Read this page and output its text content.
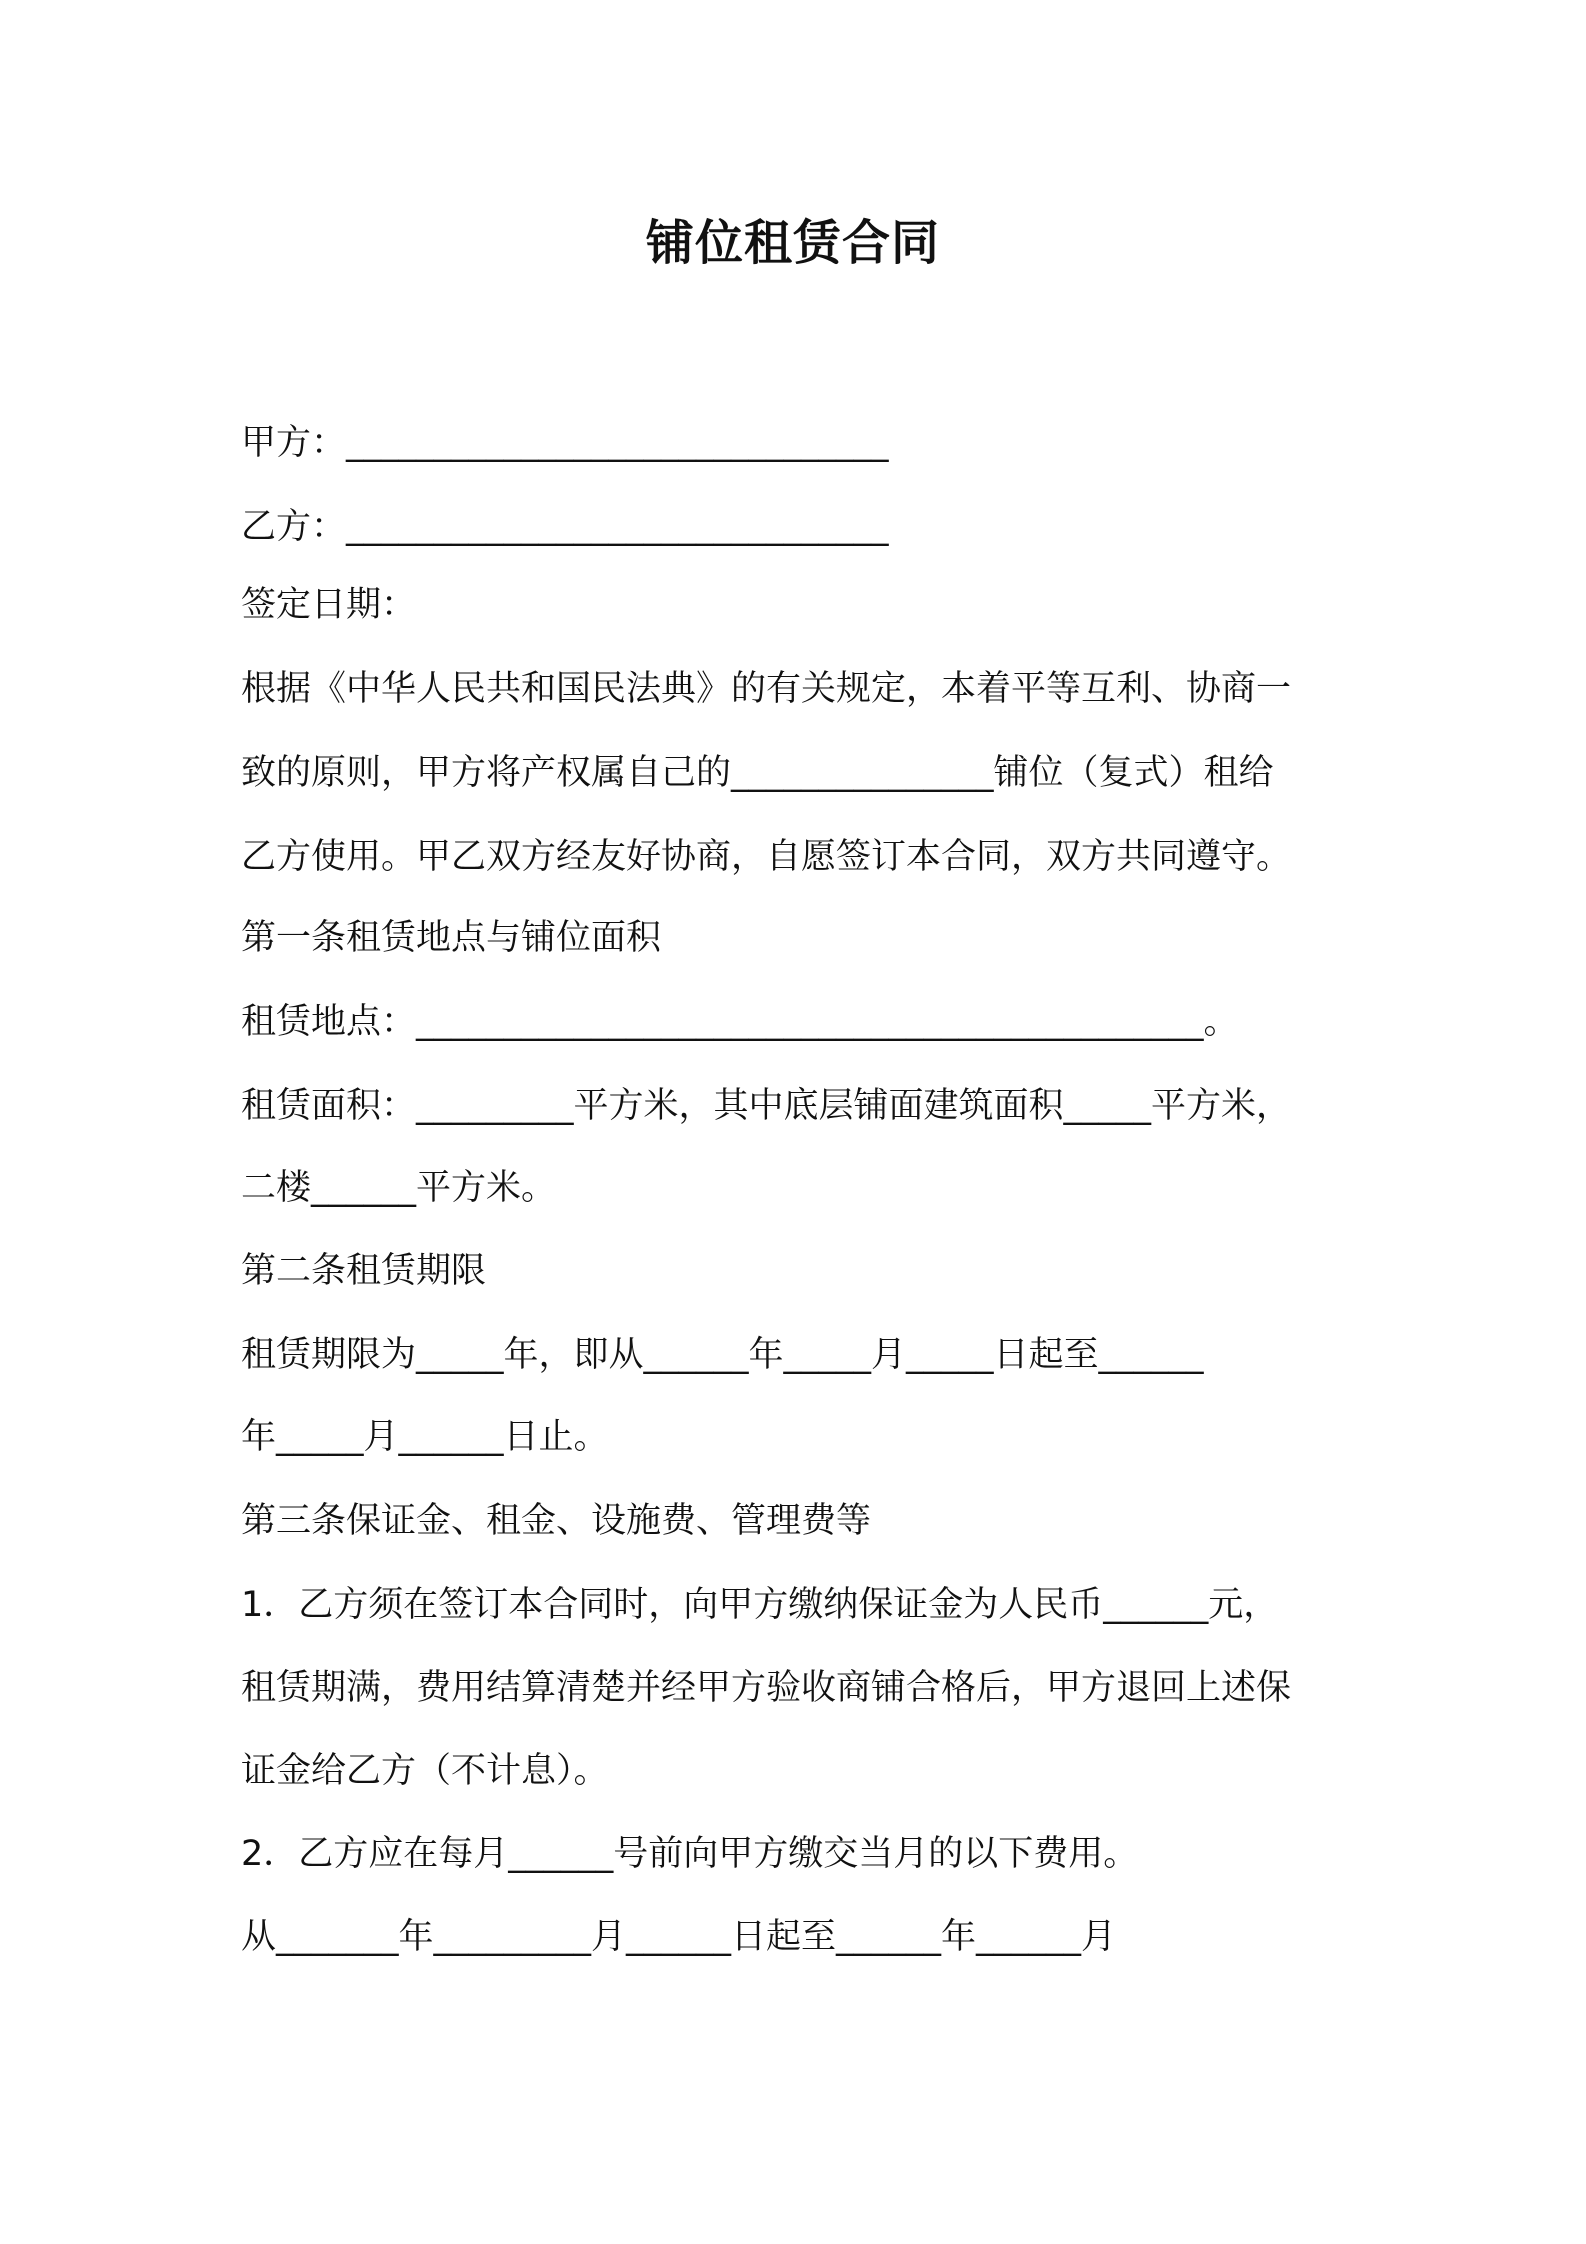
铺位租赁合同
甲方：_______________________________
乙方：_______________________________
签定日期：
根据《中华人民共和国民法典》的有关规定，本着平等互利、协商一
致的原则，甲方将产权属自己的_______________铺位（复式）租给
乙方使用。甲乙双方经友好协商，自愿签订本合同，双方共同遵守。
第一条租赁地点与铺位面积
租赁地点：_____________________________________________。
租赁面积：_________平方米，其中底层铺面建筑面积_____平方米，
二楼______平方米。
第二条租赁期限
租赁期限为_____年，即从______年_____月_____日起至______
年_____月______日止。
第三条保证金、租金、设施费、管理费等
1．乙方须在签订本合同时，向甲方缴纳保证金为人民币______元，
租赁期满，费用结算清楚并经甲方验收商铺合格后，甲方退回上述保
证金给乙方（不计息）。
2．乙方应在每月______号前向甲方缴交当月的以下费用。
从_______年_________月______日起至______年______月
